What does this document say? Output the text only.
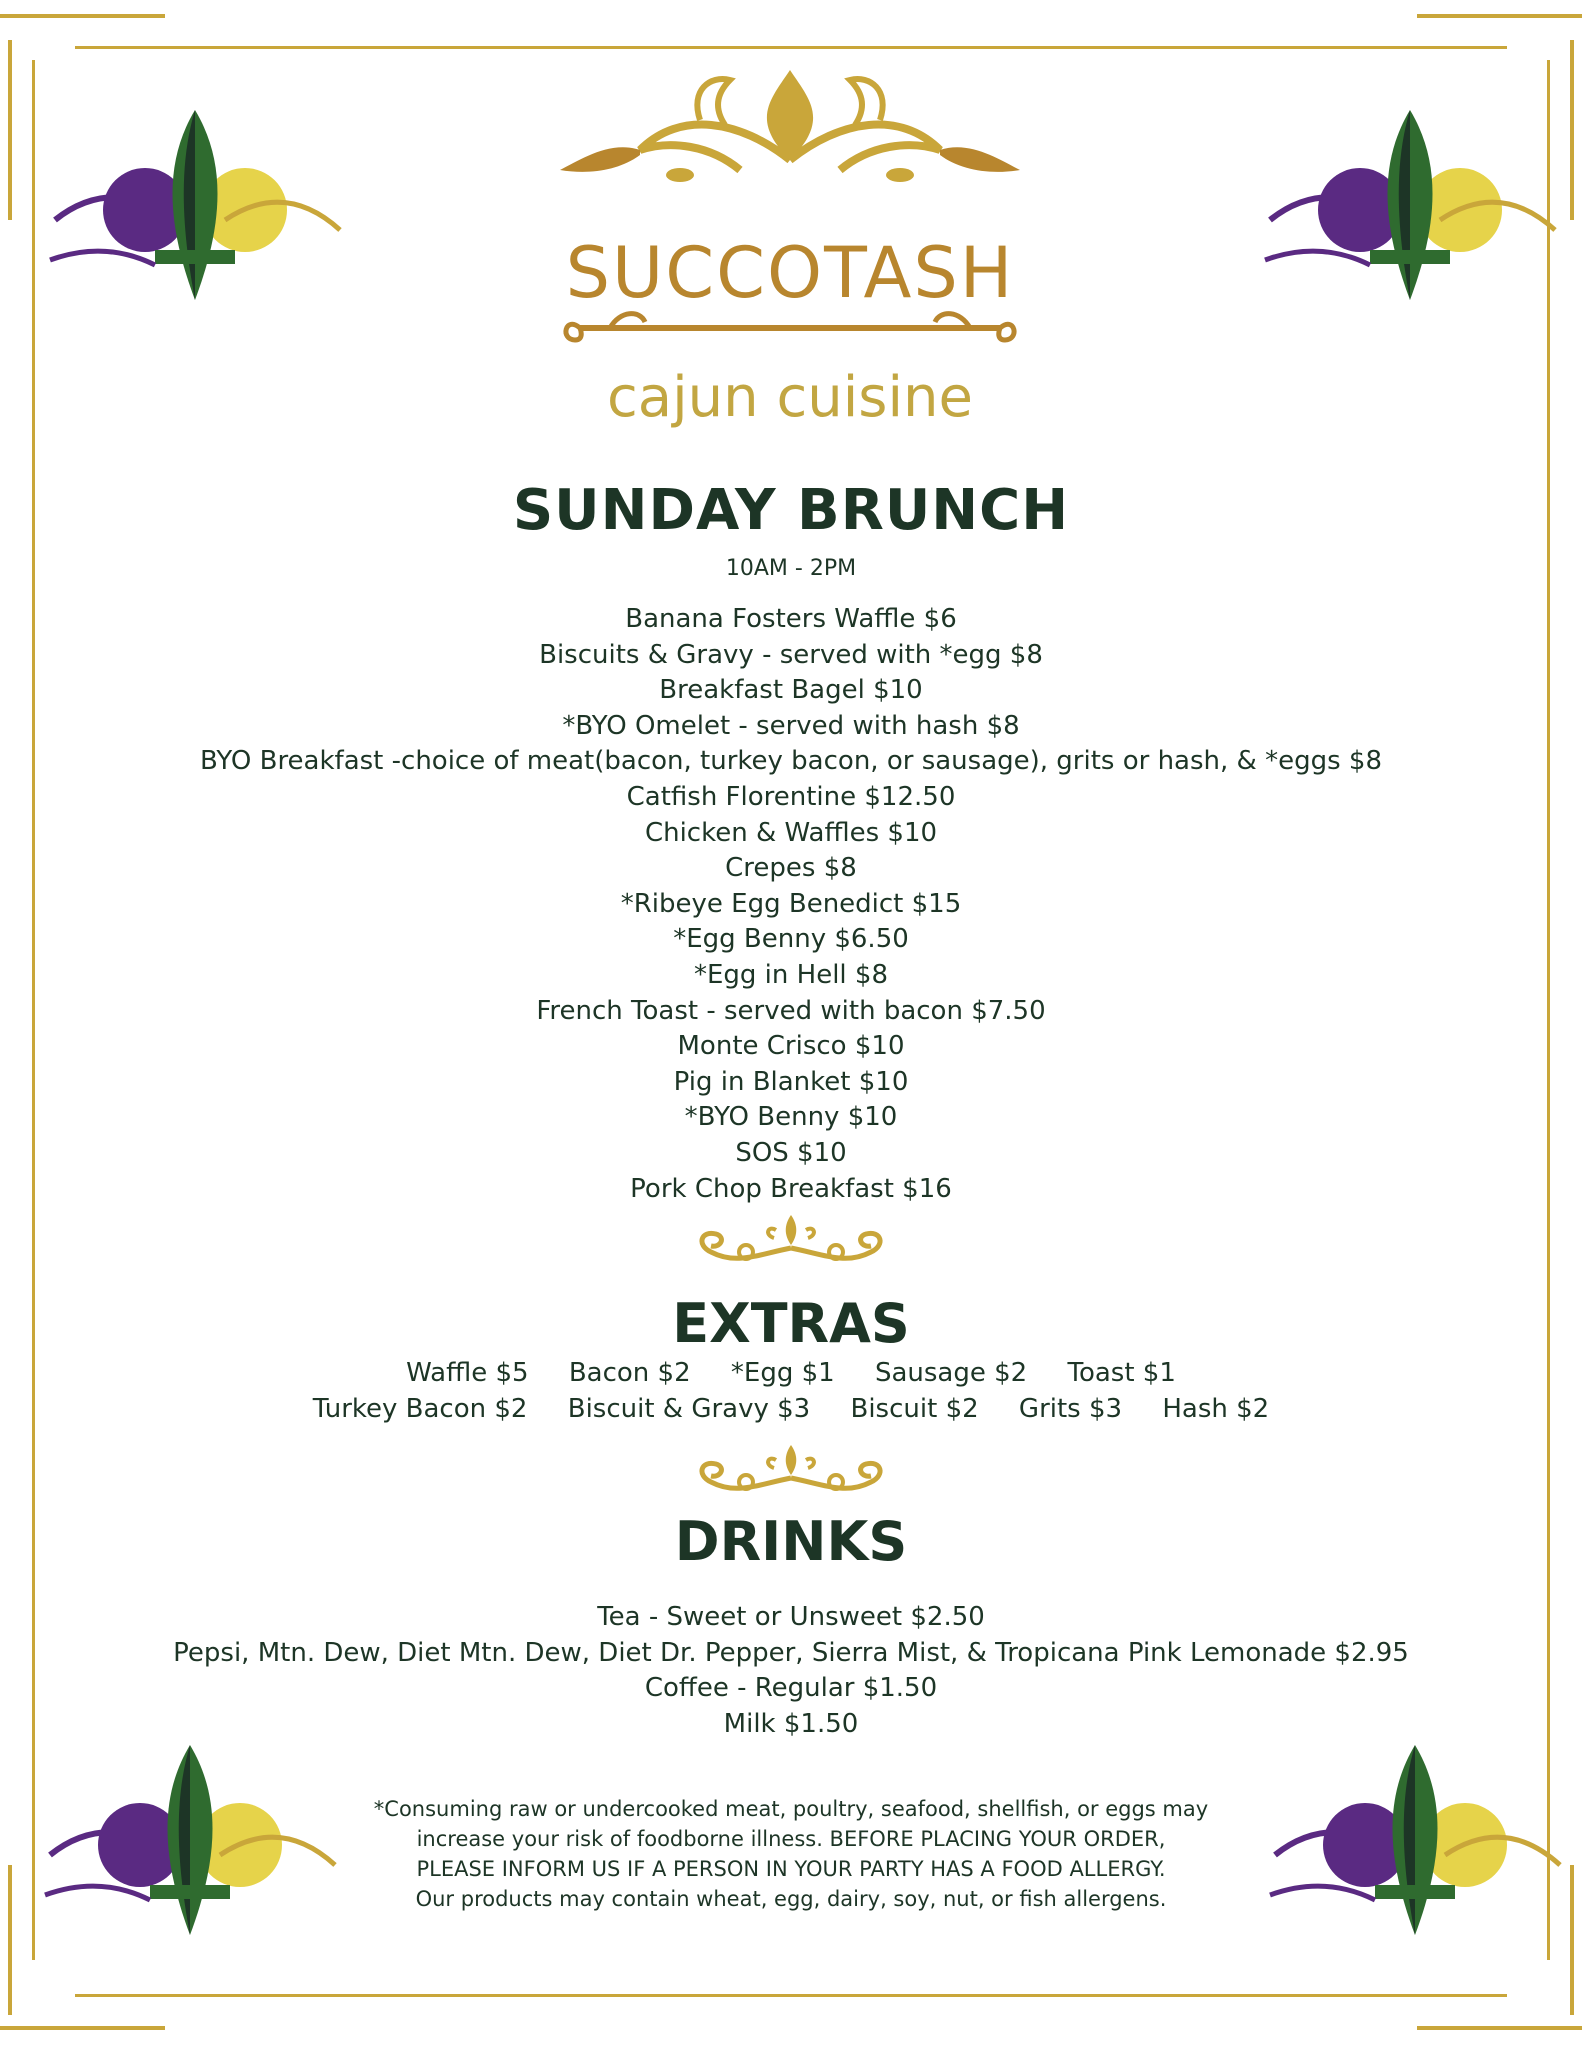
SUCCOTASH
cajun cuisine
SUNDAY BRUNCH
10AM - 2PM
Banana Fosters Waffle $6
Biscuits & Gravy - served with *egg $8
Breakfast Bagel $10
*BYO Omelet - served with hash $8
BYO Breakfast -choice of meat(bacon, turkey bacon, or sausage), grits or hash, & *eggs $8
Catfish Florentine $12.50
Chicken & Waffles $10
Crepes $8
*Ribeye Egg Benedict $15
*Egg Benny $6.50
*Egg in Hell $8
French Toast - served with bacon $7.50
Monte Crisco $10
Pig in Blanket $10
*BYO Benny $10
SOS $10
Pork Chop Breakfast $16
EXTRAS
Waffle $5 Bacon $2 *Egg $1 Sausage $2 Toast $1
Turkey Bacon $2 Biscuit & Gravy $3 Biscuit $2 Grits $3 Hash $2
DRINKS
Tea - Sweet or Unsweet $2.50
Pepsi, Mtn. Dew, Diet Mtn. Dew, Diet Dr. Pepper, Sierra Mist, & Tropicana Pink Lemonade $2.95
Coffee - Regular $1.50
Milk $1.50
*Consuming raw or undercooked meat, poultry, seafood, shellfish, or eggs may
increase your risk of foodborne illness. BEFORE PLACING YOUR ORDER,
PLEASE INFORM US IF A PERSON IN YOUR PARTY HAS A FOOD ALLERGY.
Our products may contain wheat, egg, dairy, soy, nut, or fish allergens.
